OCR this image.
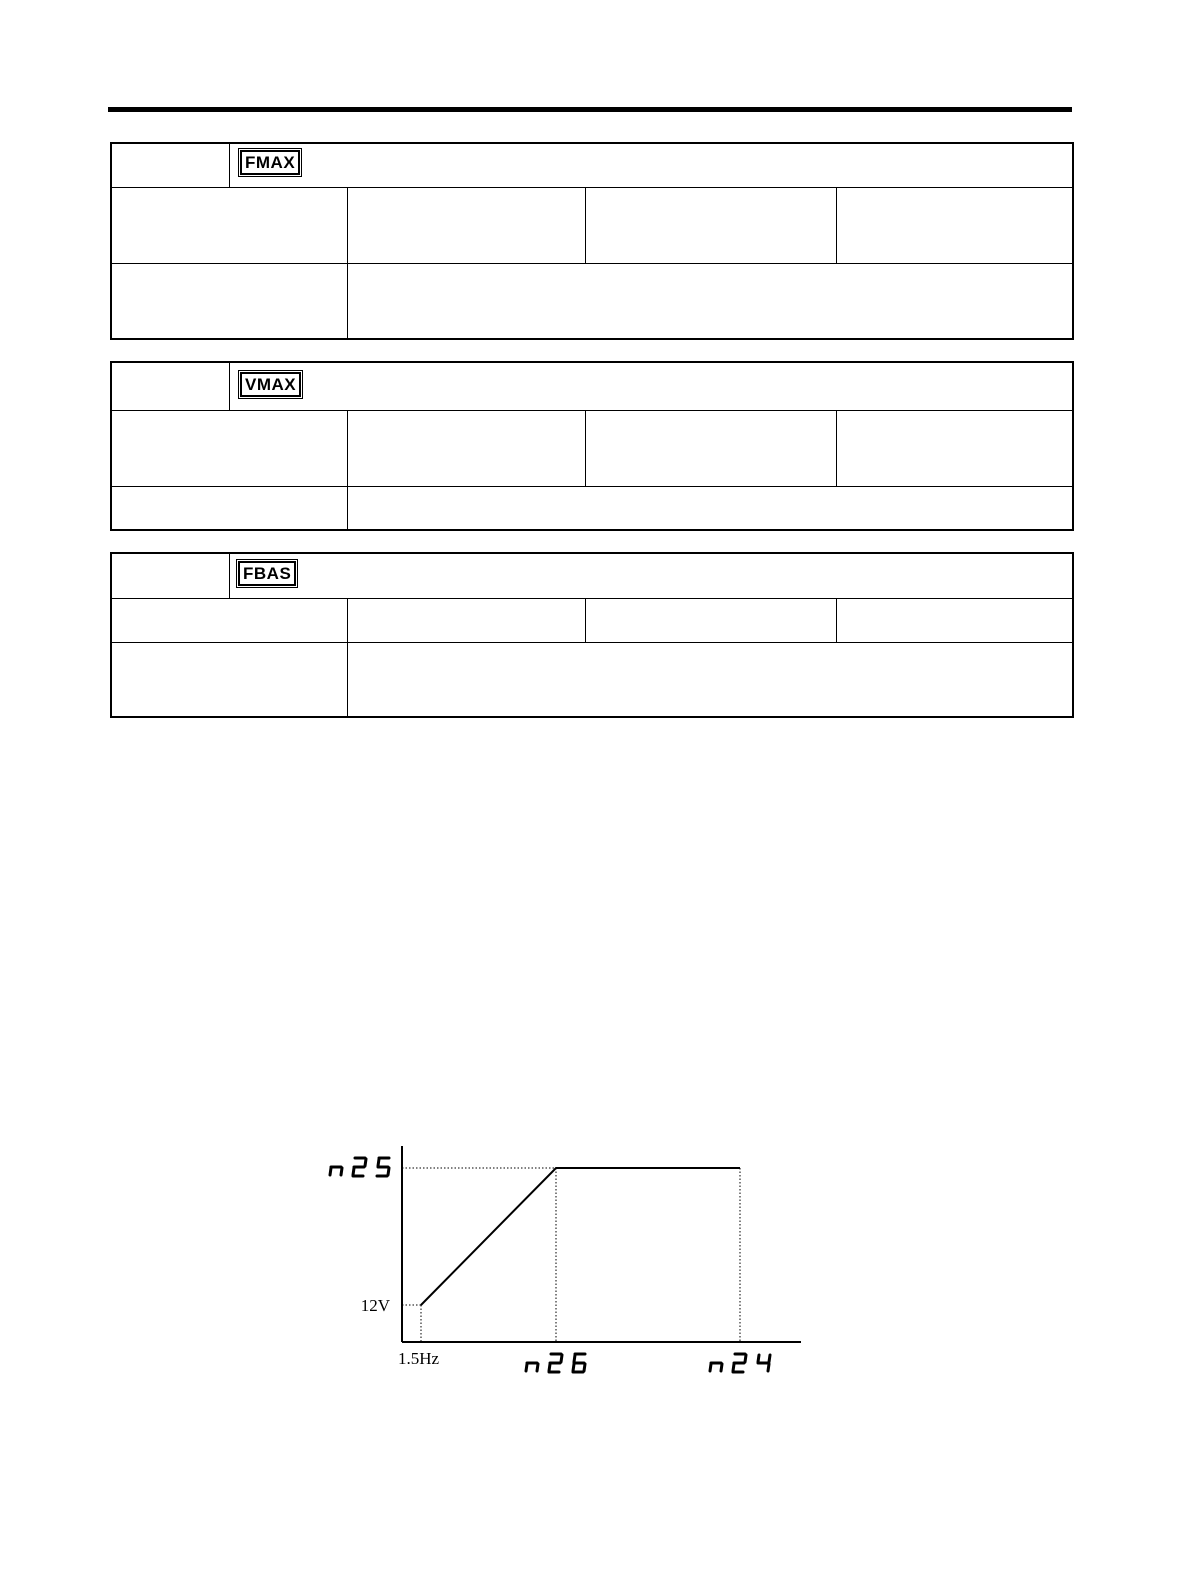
FMAX
VMAX
FBAS
n25
12V
1.5Hz
n26	n24
